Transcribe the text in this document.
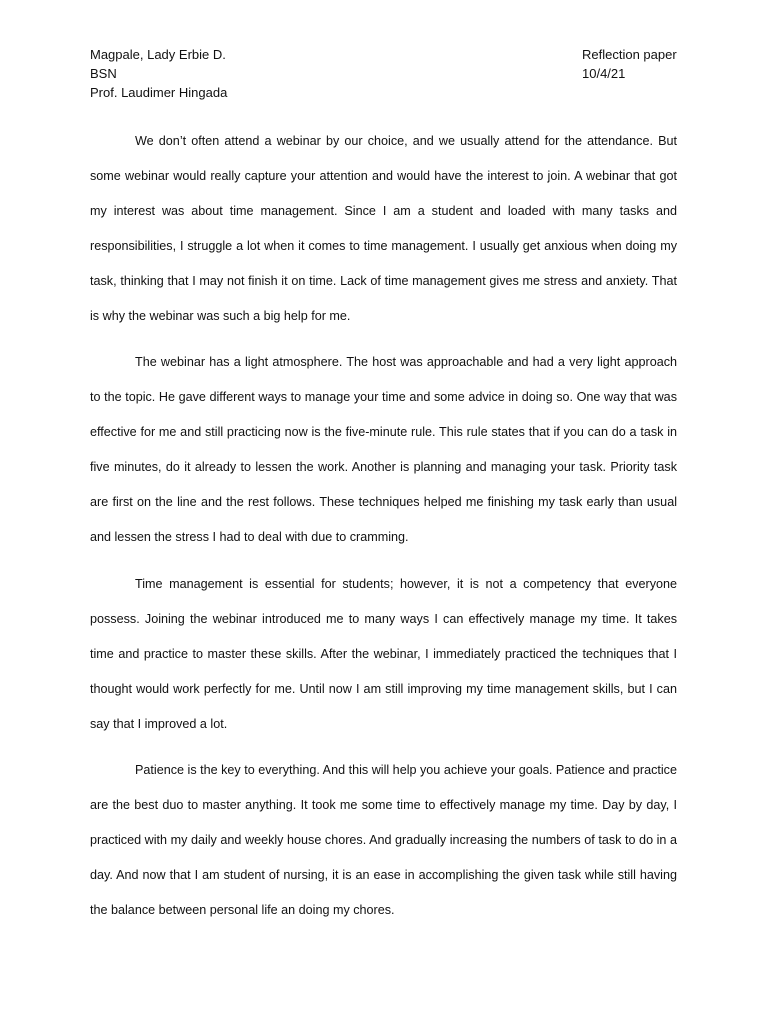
Magpale, Lady Erbie D.
BSN
Prof. Laudimer Hingada
Reflection paper
10/4/21

We don’t often attend a webinar by our choice, and we usually attend for the attendance. But some webinar would really capture your attention and would have the interest to join. A webinar that got my interest was about time management. Since I am a student and loaded with many tasks and responsibilities, I struggle a lot when it comes to time management. I usually get anxious when doing my task, thinking that I may not finish it on time. Lack of time management gives me stress and anxiety. That is why the webinar was such a big help for me.

The webinar has a light atmosphere. The host was approachable and had a very light approach to the topic. He gave different ways to manage your time and some advice in doing so. One way that was effective for me and still practicing now is the five-minute rule. This rule states that if you can do a task in five minutes, do it already to lessen the work. Another is planning and managing your task. Priority task are first on the line and the rest follows. These techniques helped me finishing my task early than usual and lessen the stress I had to deal with due to cramming.

Time management is essential for students; however, it is not a competency that everyone possess. Joining the webinar introduced me to many ways I can effectively manage my time. It takes time and practice to master these skills. After the webinar, I immediately practiced the techniques that I thought would work perfectly for me. Until now I am still improving my time management skills, but I can say that I improved a lot.

Patience is the key to everything. And this will help you achieve your goals. Patience and practice are the best duo to master anything. It took me some time to effectively manage my time. Day by day, I practiced with my daily and weekly house chores. And gradually increasing the numbers of task to do in a day. And now that I am student of nursing, it is an ease in accomplishing the given task while still having the balance between personal life an doing my chores.
